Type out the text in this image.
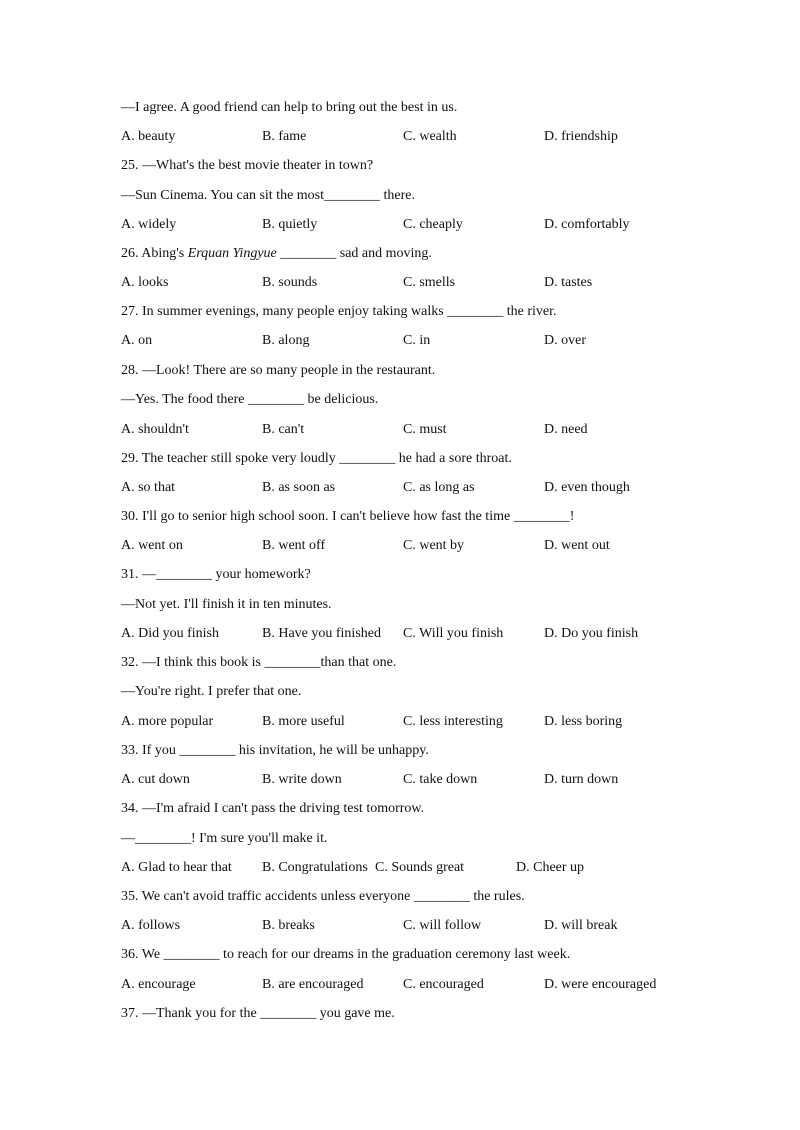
—I agree. A good friend can help to bring out the best in us.
A. beauty	B. fame	C. wealth	D. friendship
25. —What's the best movie theater in town?
—Sun Cinema. You can sit the most________ there.
A. widely	B. quietly	C. cheaply	D. comfortably
26. Abing's Erquan Yingyue ________ sad and moving.
A. looks	B. sounds	C. smells	D. tastes
27. In summer evenings, many people enjoy taking walks ________ the river.
A. on	B. along	C. in	D. over
28. —Look! There are so many people in the restaurant.
—Yes. The food there ________ be delicious.
A. shouldn't	B. can't	C. must	D. need
29. The teacher still spoke very loudly ________ he had a sore throat.
A. so that	B. as soon as	C. as long as	D. even though
30. I'll go to senior high school soon. I can't believe how fast the time ________!
A. went on	B. went off	C. went by	D. went out
31. —________ your homework?
—Not yet. I'll finish it in ten minutes.
A. Did you finish	B. Have you finished C. Will you finish	D. Do you finish
32. —I think this book is ________than that one.
—You're right. I prefer that one.
A. more popular	B. more useful	C. less interesting	D. less boring
33. If you ________ his invitation, he will be unhappy.
A. cut down	B. write down	C. take down	D. turn down
34. —I'm afraid I can't pass the driving test tomorrow.
—________! I'm sure you'll make it.
A. Glad to hear that B. Congratulations C. Sounds great	D. Cheer up
35. We can't avoid traffic accidents unless everyone ________ the rules.
A. follows	B. breaks	C. will follow	D. will break
36. We ________ to reach for our dreams in the graduation ceremony last week.
A. encourage	B. are encouraged	C. encouraged	D. were encouraged
37. —Thank you for the ________ you gave me.
